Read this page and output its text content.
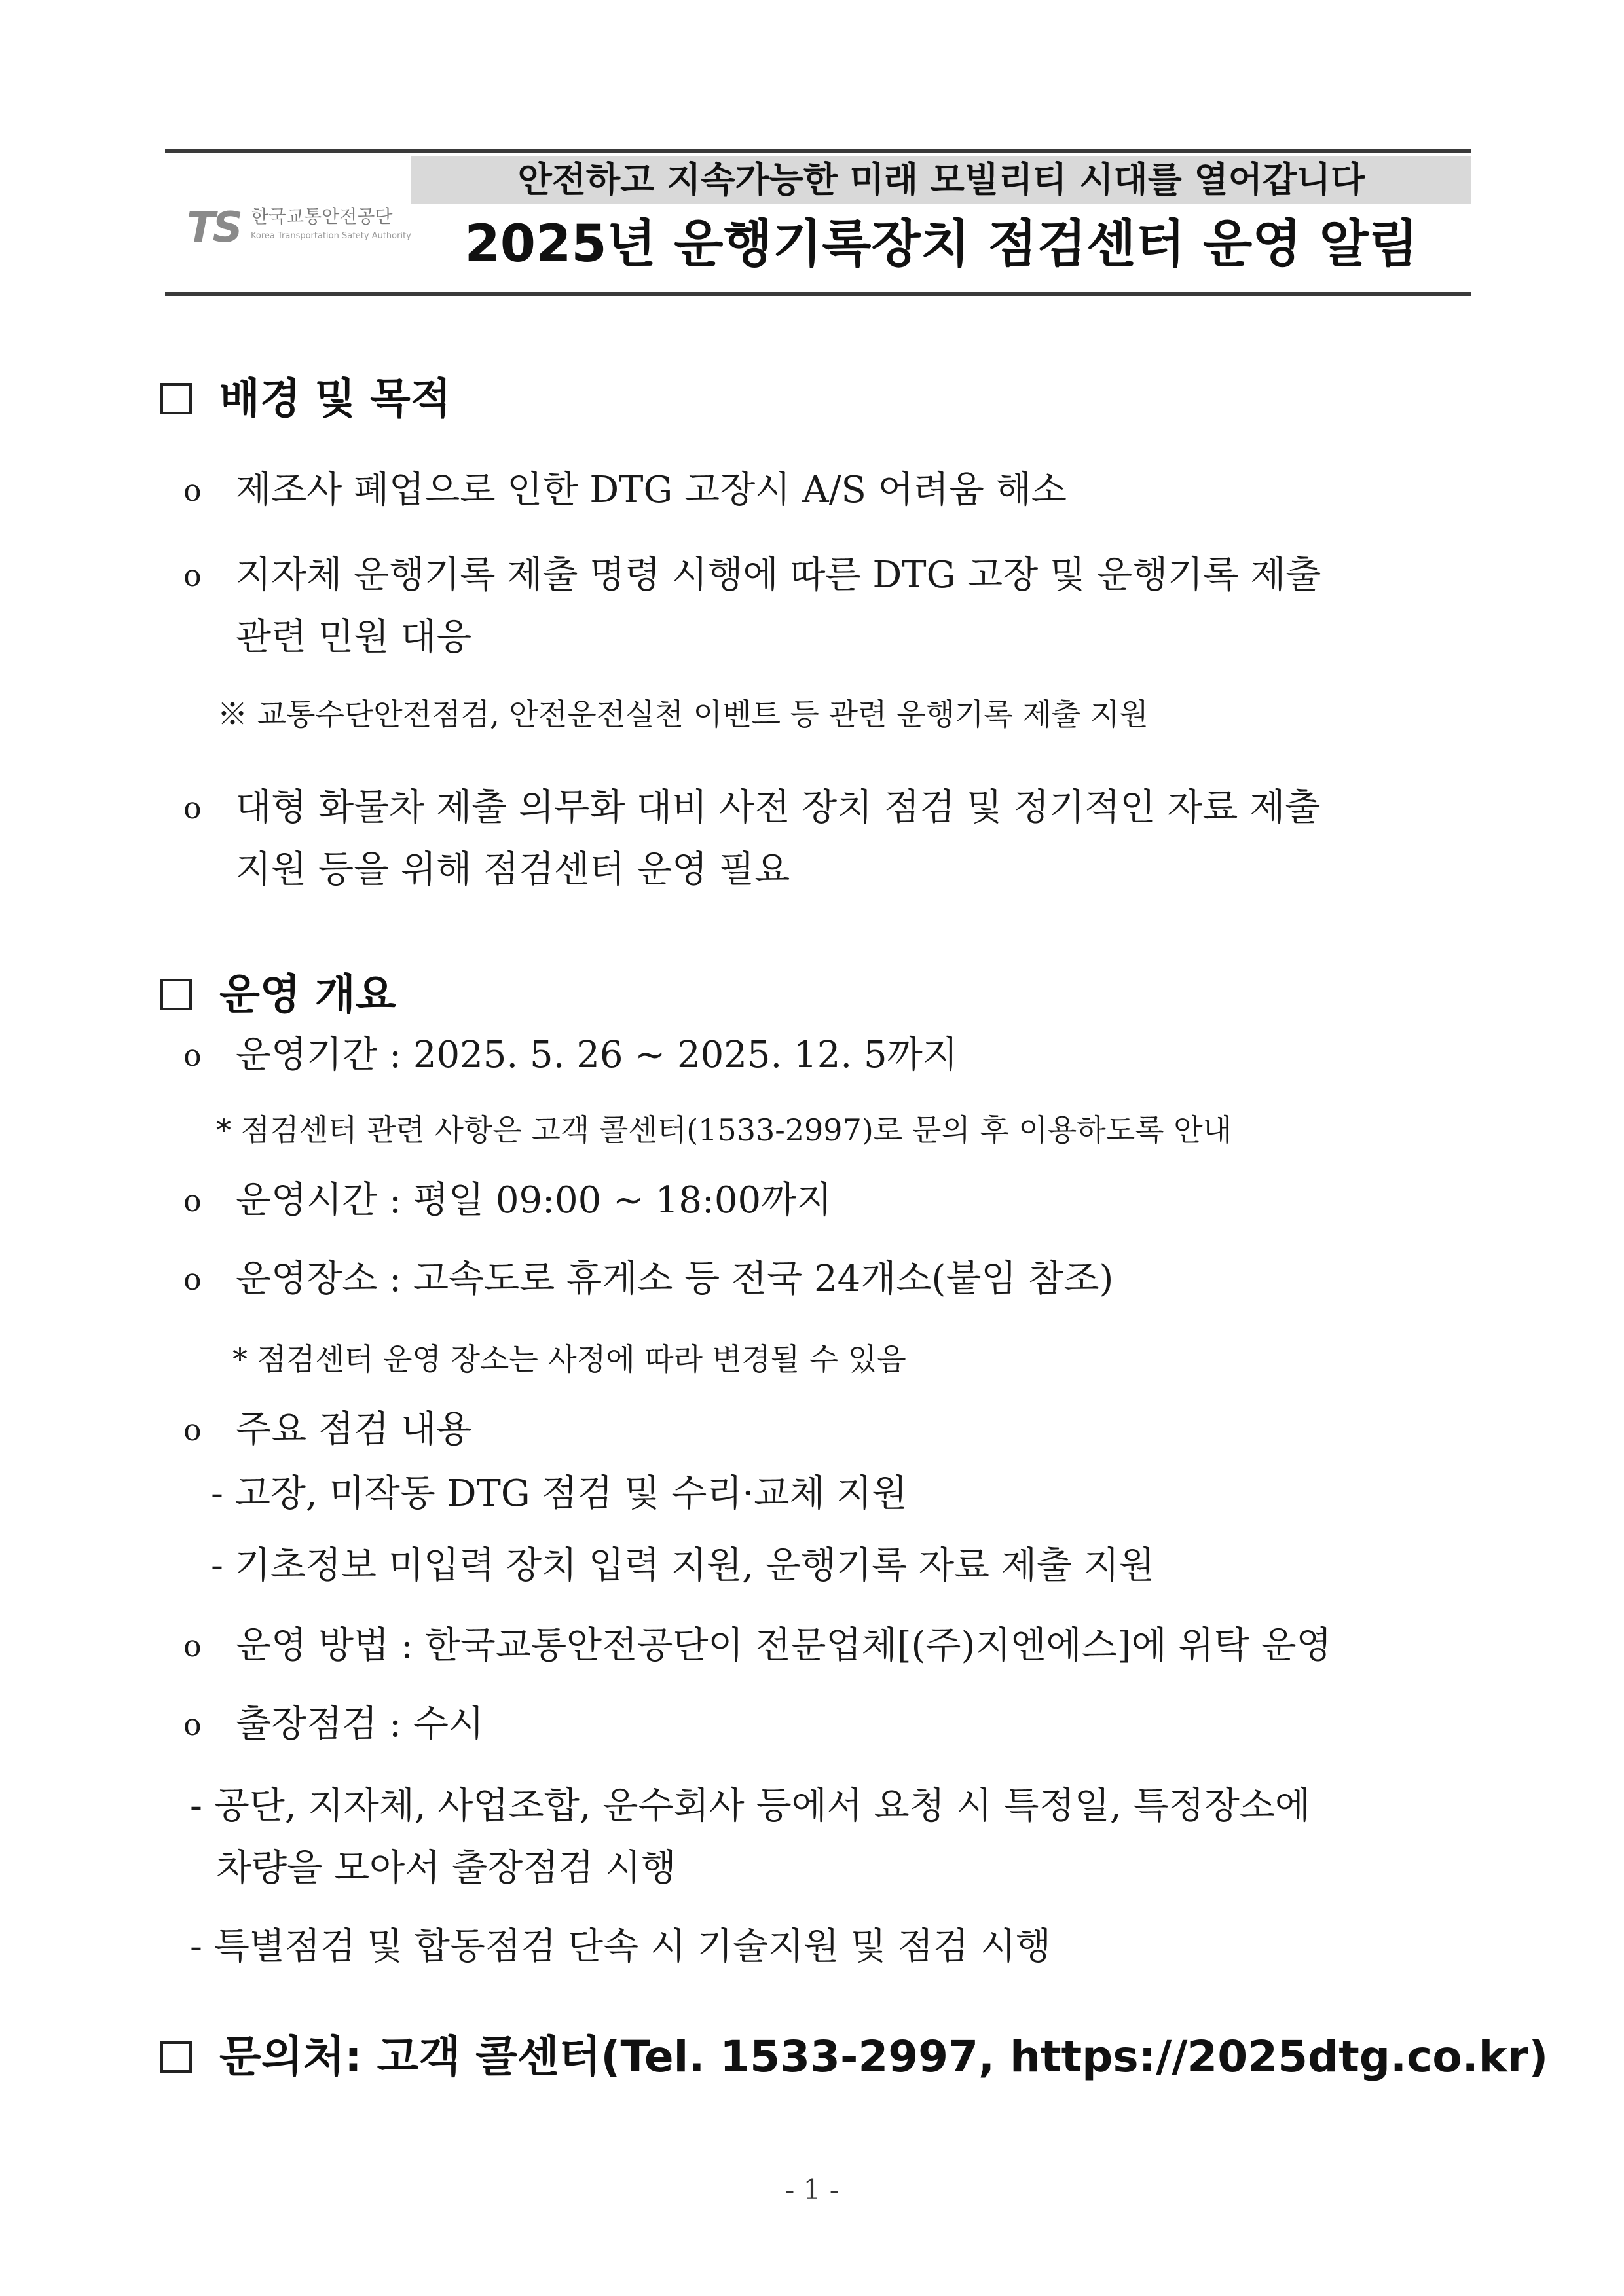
안전하고 지속가능한 미래 모빌리티 시대를 열어갑니다
2025년 운행기록장치 점검센터 운영 알림
TS 한국교통안전공단
Korea Transportation Safety Authority
배경 및 목적
o 제조사 폐업으로 인한 DTG 고장시 A/S 어려움 해소
o 지자체 운행기록 제출 명령 시행에 따른 DTG 고장 및 운행기록 제출
관련 민원 대응
※ 교통수단안전점검, 안전운전실천 이벤트 등 관련 운행기록 제출 지원
o 대형 화물차 제출 의무화 대비 사전 장치 점검 및 정기적인 자료 제출
지원 등을 위해 점검센터 운영 필요
운영 개요
o 운영기간 : 2025. 5. 26 ~ 2025. 12. 5까지
* 점검센터 관련 사항은 고객 콜센터(1533-2997)로 문의 후 이용하도록 안내
o 운영시간 : 평일 09:00 ~ 18:00까지
o 운영장소 : 고속도로 휴게소 등 전국 24개소(붙임 참조)
* 점검센터 운영 장소는 사정에 따라 변경될 수 있음
o 주요 점검 내용
- 고장, 미작동 DTG 점검 및 수리·교체 지원
- 기초정보 미입력 장치 입력 지원, 운행기록 자료 제출 지원
o 운영 방법 : 한국교통안전공단이 전문업체[(주)지엔에스]에 위탁 운영
o 출장점검 : 수시
- 공단, 지자체, 사업조합, 운수회사 등에서 요청 시 특정일, 특정장소에
차량을 모아서 출장점검 시행
- 특별점검 및 합동점검 단속 시 기술지원 및 점검 시행
문의처: 고객 콜센터(Tel. 1533-2997, https://2025dtg.co.kr)
- 1 -
